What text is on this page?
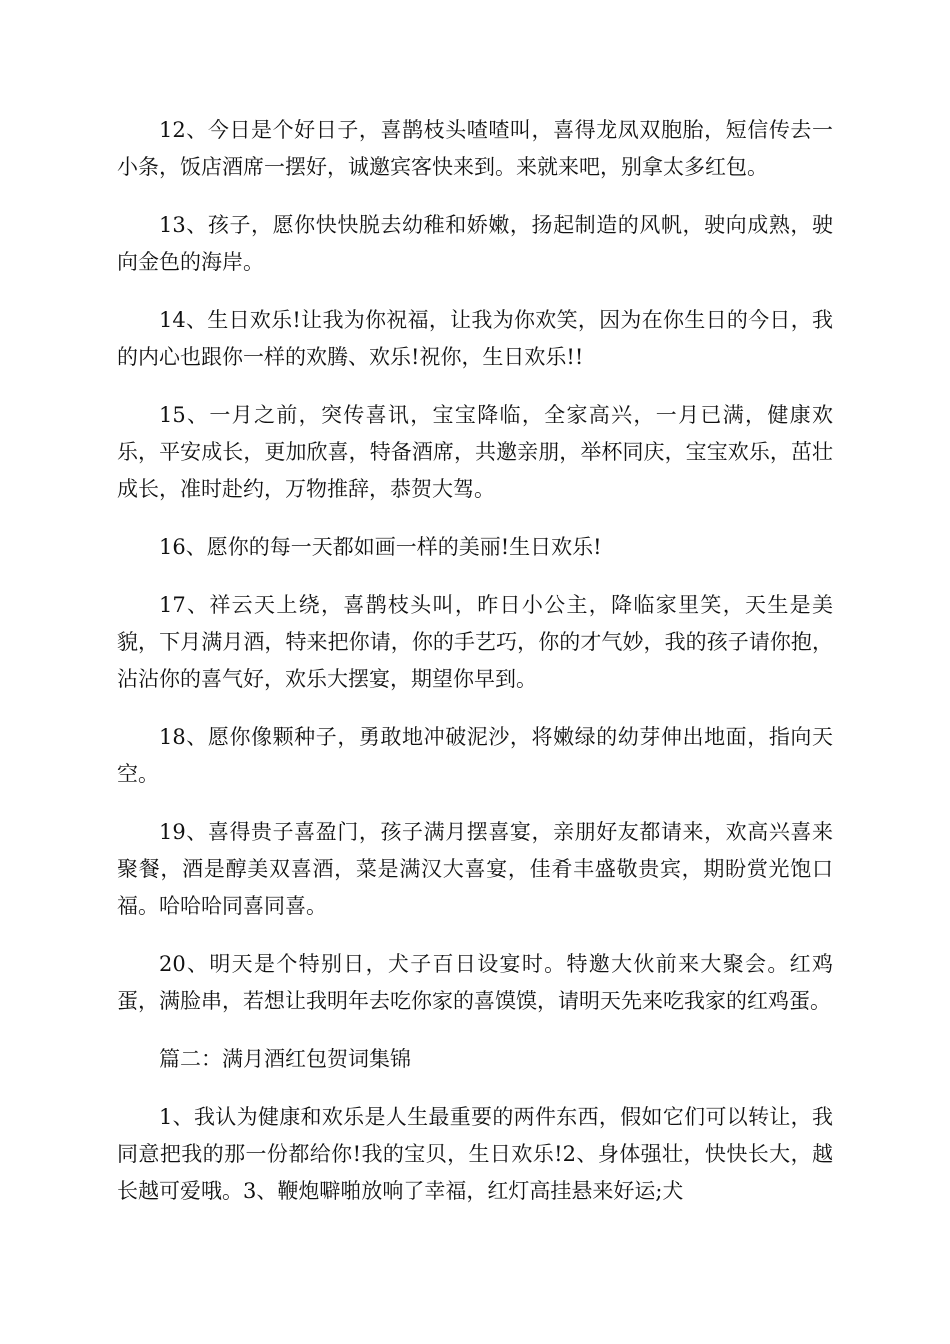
12、今日是个好日子，喜鹊枝头喳喳叫，喜得龙凤双胞胎，短信传去一小条，饭店酒席一摆好，诚邀宾客快来到。来就来吧，别拿太多红包。

13、孩子，愿你快快脱去幼稚和娇嫩，扬起制造的风帆，驶向成熟，驶向金色的海岸。

14、生日欢乐!让我为你祝福，让我为你欢笑，因为在你生日的今日，我的内心也跟你一样的欢腾、欢乐!祝你，生日欢乐!!

15、一月之前，突传喜讯，宝宝降临，全家高兴，一月已满，健康欢乐，平安成长，更加欣喜，特备酒席，共邀亲朋，举杯同庆，宝宝欢乐，茁壮成长，准时赴约，万物推辞，恭贺大驾。

16、愿你的每一天都如画一样的美丽!生日欢乐!

17、祥云天上绕，喜鹊枝头叫，昨日小公主，降临家里笑，天生是美貌，下月满月酒，特来把你请，你的手艺巧，你的才气妙，我的孩子请你抱，沾沾你的喜气好，欢乐大摆宴，期望你早到。

18、愿你像颗种子，勇敢地冲破泥沙，将嫩绿的幼芽伸出地面，指向天空。

19、喜得贵子喜盈门，孩子满月摆喜宴，亲朋好友都请来，欢高兴喜来聚餐，酒是醇美双喜酒，菜是满汉大喜宴，佳肴丰盛敬贵宾，期盼赏光饱口福。哈哈哈同喜同喜。

20、明天是个特别日，犬子百日设宴时。特邀大伙前来大聚会。红鸡蛋，满脸串，若想让我明年去吃你家的喜馍馍，请明天先来吃我家的红鸡蛋。

篇二：满月酒红包贺词集锦

1、我认为健康和欢乐是人生最重要的两件东西，假如它们可以转让，我同意把我的那一份都给你!我的宝贝，生日欢乐!2、身体强壮，快快长大，越长越可爱哦。3、鞭炮噼啪放响了幸福，红灯高挂悬来好运;犬
